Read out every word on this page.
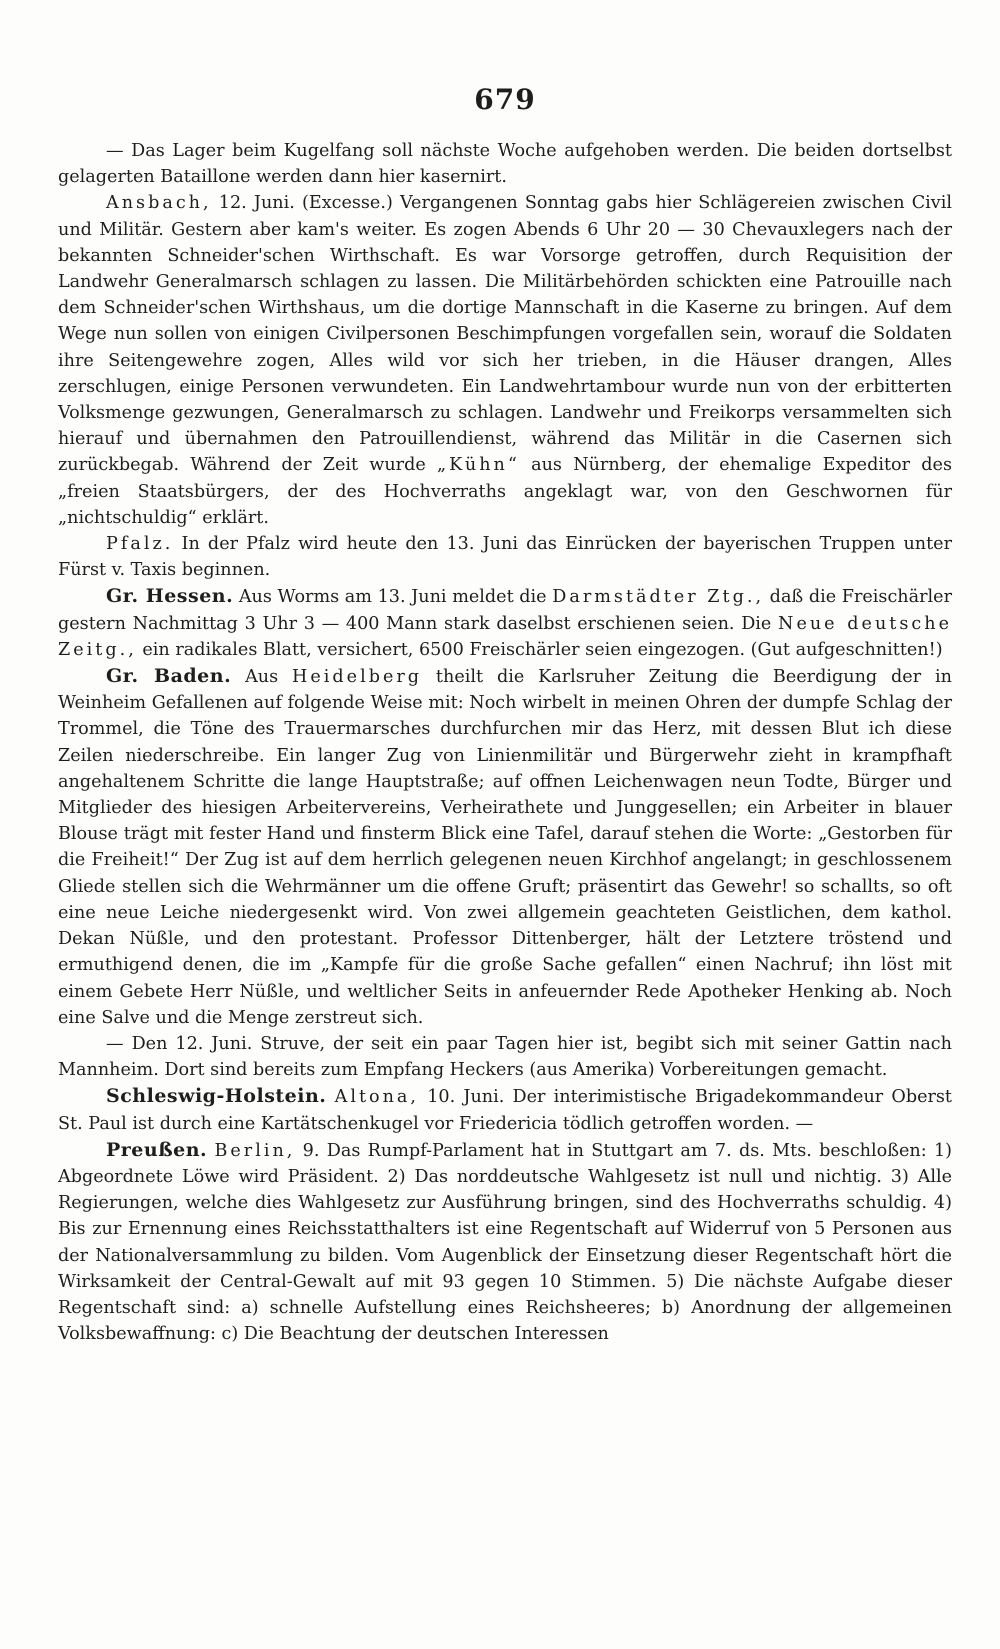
679

— Das Lager beim Kugelfang soll nächste Woche aufgehoben werden. Die beiden dortselbst gelagerten Bataillone werden dann hier kasernirt.

Ansbach, 12. Juni. (Excesse.) Vergangenen Sonntag gabs hier Schlägereien zwischen Civil und Militär. Gestern aber kam's weiter. Es zogen Abends 6 Uhr 20 — 30 Chevauxlegers nach der bekannten Schneider'schen Wirthschaft. Es war Vorsorge getroffen, durch Requisition der Landwehr Generalmarsch schlagen zu lassen. Die Militärbehörden schickten eine Patrouille nach dem Schneider'schen Wirthshaus, um die dortige Mannschaft in die Kaserne zu bringen. Auf dem Wege nun sollen von einigen Civilpersonen Beschimpfungen vorgefallen sein, worauf die Soldaten ihre Seitengewehre zogen, Alles wild vor sich her trieben, in die Häuser drangen, Alles zerschlugen, einige Personen verwundeten. Ein Landwehrtambour wurde nun von der erbitterten Volksmenge gezwungen, Generalmarsch zu schlagen. Landwehr und Freikorps versammelten sich hierauf und übernahmen den Patrouillendienst, während das Militär in die Casernen sich zurückbegab. Während der Zeit wurde „Kühn“ aus Nürnberg, der ehemalige Expeditor des „freien Staatsbürgers, der des Hochverraths angeklagt war, von den Geschwornen für „nichtschuldig“ erklärt.

Pfalz. In der Pfalz wird heute den 13. Juni das Einrücken der bayerischen Truppen unter Fürst v. Taxis beginnen.

Gr. Hessen. Aus Worms am 13. Juni meldet die Darmstädter Ztg., daß die Freischärler gestern Nachmittag 3 Uhr 3 — 400 Mann stark daselbst erschienen seien. Die Neue deutsche Zeitg., ein radikales Blatt, versichert, 6500 Freischärler seien eingezogen. (Gut aufgeschnitten!)

Gr. Baden. Aus Heidelberg theilt die Karlsruher Zeitung die Beerdigung der in Weinheim Gefallenen auf folgende Weise mit: Noch wirbelt in meinen Ohren der dumpfe Schlag der Trommel, die Töne des Trauermarsches durchfurchen mir das Herz, mit dessen Blut ich diese Zeilen niederschreibe. Ein langer Zug von Linienmilitär und Bürgerwehr zieht in krampfhaft angehaltenem Schritte die lange Hauptstraße; auf offnen Leichenwagen neun Todte, Bürger und Mitglieder des hiesigen Arbeitervereins, Verheirathete und Junggesellen; ein Arbeiter in blauer Blouse trägt mit fester Hand und finsterm Blick eine Tafel, darauf stehen die Worte: „Gestorben für die Freiheit!“ Der Zug ist auf dem herrlich gelegenen neuen Kirchhof angelangt; in geschlossenem Gliede stellen sich die Wehrmänner um die offene Gruft; präsentirt das Gewehr! so schallts, so oft eine neue Leiche niedergesenkt wird. Von zwei allgemein geachteten Geistlichen, dem kathol. Dekan Nüßle, und den protestant. Professor Dittenberger, hält der Letztere tröstend und ermuthigend denen, die im „Kampfe für die große Sache gefallen“ einen Nachruf; ihn löst mit einem Gebete Herr Nüßle, und weltlicher Seits in anfeuernder Rede Apotheker Henking ab. Noch eine Salve und die Menge zerstreut sich.

— Den 12. Juni. Struve, der seit ein paar Tagen hier ist, begibt sich mit seiner Gattin nach Mannheim. Dort sind bereits zum Empfang Heckers (aus Amerika) Vorbereitungen gemacht.

Schleswig-Holstein. Altona, 10. Juni. Der interimistische Brigadekommandeur Oberst St. Paul ist durch eine Kartätschenkugel vor Friedericia tödlich getroffen worden. —

Preußen. Berlin, 9. Das Rumpf-Parlament hat in Stuttgart am 7. ds. Mts. beschloßen: 1) Abgeordnete Löwe wird Präsident. 2) Das norddeutsche Wahlgesetz ist null und nichtig. 3) Alle Regierungen, welche dies Wahlgesetz zur Ausführung bringen, sind des Hochverraths schuldig. 4) Bis zur Ernennung eines Reichsstatthalters ist eine Regentschaft auf Widerruf von 5 Personen aus der Nationalversammlung zu bilden. Vom Augenblick der Einsetzung dieser Regentschaft hört die Wirksamkeit der Central-Gewalt auf mit 93 gegen 10 Stimmen. 5) Die nächste Aufgabe dieser Regentschaft sind: a) schnelle Aufstellung eines Reichsheeres; b) Anordnung der allgemeinen Volksbewaffnung: c) Die Beachtung der deutschen Interessen
